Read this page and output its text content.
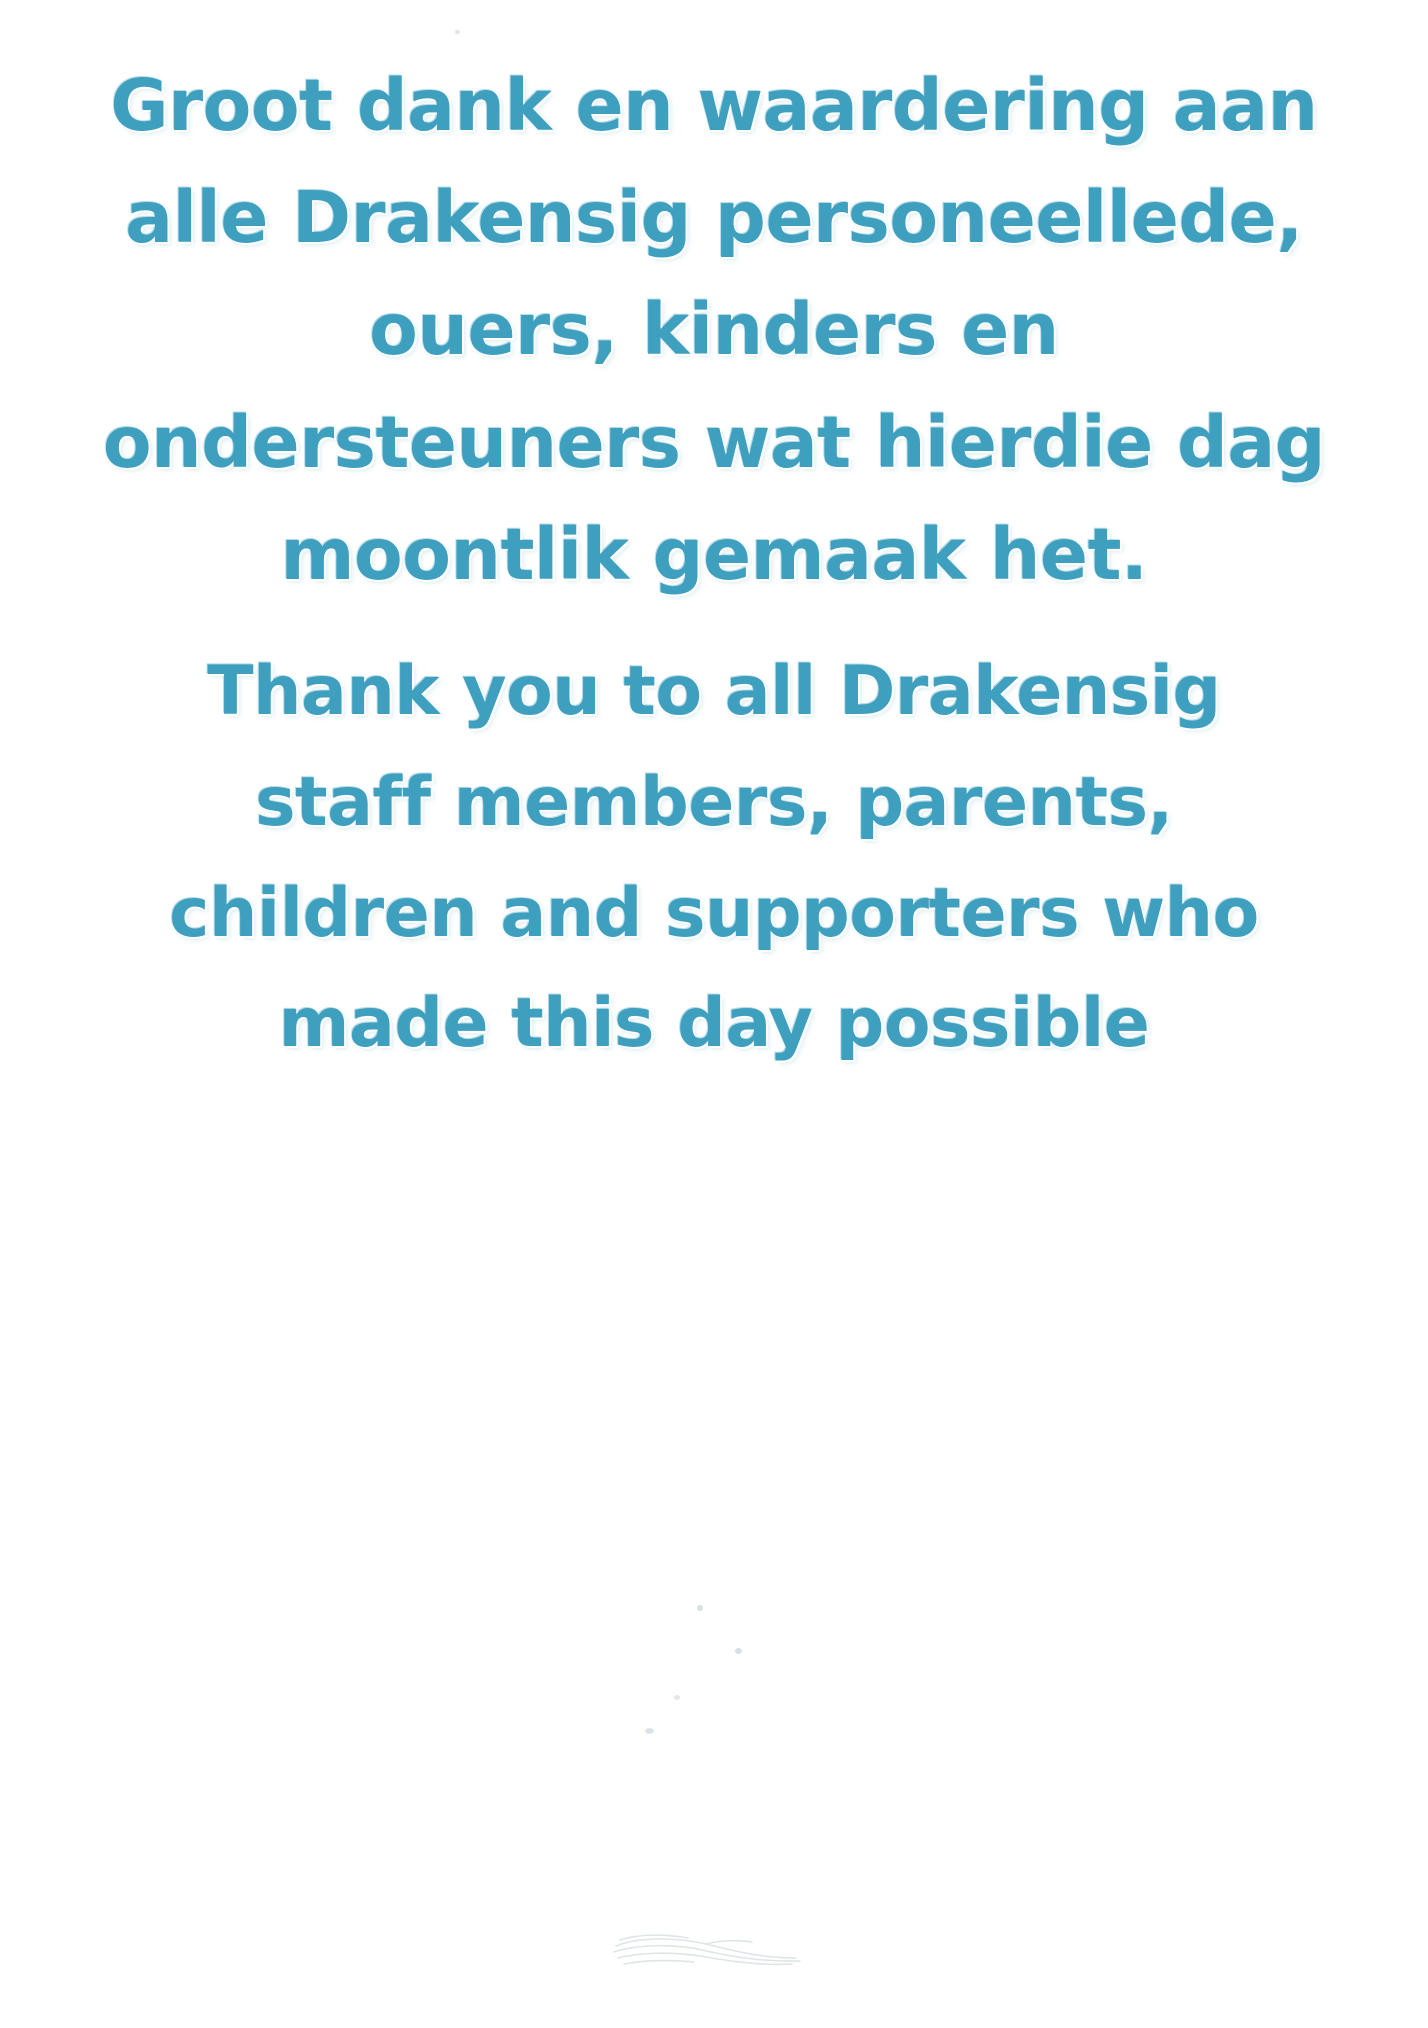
Groot dank en waardering aan
alle Drakensig personeellede,
ouers, kinders en
ondersteuners wat hierdie dag
moontlik gemaak het.
Thank you to all Drakensig
staff members, parents,
children and supporters who
made this day possible
